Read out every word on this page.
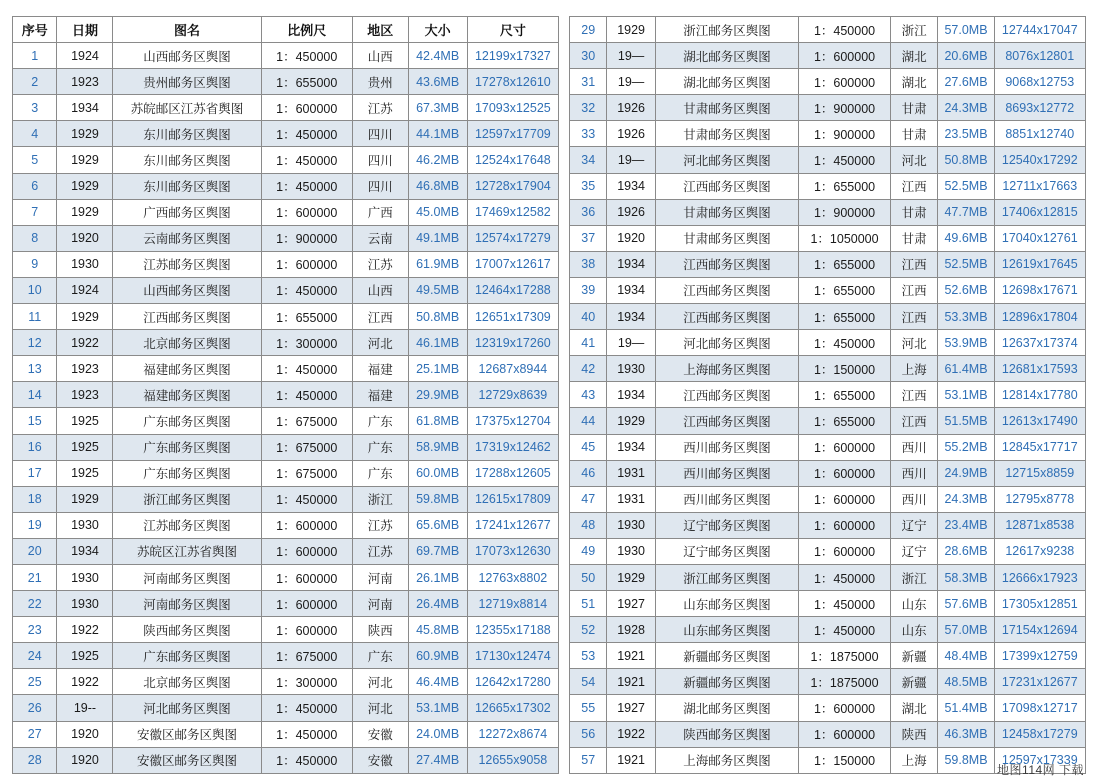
序号	日期	图名	比例尺	地区	大小	尺寸
1	1924	山西邮务区舆图	1：450000	山西	42.4MB	12199x17327
2	1923	贵州邮务区舆图	1：655000	贵州	43.6MB	17278x12610
3	1934	苏皖邮区江苏省舆图	1：600000	江苏	67.3MB	17093x12525
4	1929	东川邮务区舆图	1：450000	四川	44.1MB	12597x17709
5	1929	东川邮务区舆图	1：450000	四川	46.2MB	12524x17648
6	1929	东川邮务区舆图	1：450000	四川	46.8MB	12728x17904
7	1929	广西邮务区舆图	1：600000	广西	45.0MB	17469x12582
8	1920	云南邮务区舆图	1：900000	云南	49.1MB	12574x17279
9	1930	江苏邮务区舆图	1：600000	江苏	61.9MB	17007x12617
10	1924	山西邮务区舆图	1：450000	山西	49.5MB	12464x17288
11	1929	江西邮务区舆图	1：655000	江西	50.8MB	12651x17309
12	1922	北京邮务区舆图	1：300000	河北	46.1MB	12319x17260
13	1923	福建邮务区舆图	1：450000	福建	25.1MB	12687x8944
14	1923	福建邮务区舆图	1：450000	福建	29.9MB	12729x8639
15	1925	广东邮务区舆图	1：675000	广东	61.8MB	17375x12704
16	1925	广东邮务区舆图	1：675000	广东	58.9MB	17319x12462
17	1925	广东邮务区舆图	1：675000	广东	60.0MB	17288x12605
18	1929	浙江邮务区舆图	1：450000	浙江	59.8MB	12615x17809
19	1930	江苏邮务区舆图	1：600000	江苏	65.6MB	17241x12677
20	1934	苏皖区江苏省舆图	1：600000	江苏	69.7MB	17073x12630
21	1930	河南邮务区舆图	1：600000	河南	26.1MB	12763x8802
22	1930	河南邮务区舆图	1：600000	河南	26.4MB	12719x8814
23	1922	陕西邮务区舆图	1：600000	陕西	45.8MB	12355x17188
24	1925	广东邮务区舆图	1：675000	广东	60.9MB	17130x12474
25	1922	北京邮务区舆图	1：300000	河北	46.4MB	12642x17280
26	19--	河北邮务区舆图	1：450000	河北	53.1MB	12665x17302
27	1920	安徽区邮务区舆图	1：450000	安徽	24.0MB	12272x8674
28	1920	安徽区邮务区舆图	1：450000	安徽	27.4MB	12655x9058
29	1929	浙江邮务区舆图	1：450000	浙江	57.0MB	12744x17047
30	19—	湖北邮务区舆图	1：600000	湖北	20.6MB	8076x12801
31	19—	湖北邮务区舆图	1：600000	湖北	27.6MB	9068x12753
32	1926	甘肃邮务区舆图	1：900000	甘肃	24.3MB	8693x12772
33	1926	甘肃邮务区舆图	1：900000	甘肃	23.5MB	8851x12740
34	19—	河北邮务区舆图	1：450000	河北	50.8MB	12540x17292
35	1934	江西邮务区舆图	1：655000	江西	52.5MB	12711x17663
36	1926	甘肃邮务区舆图	1：900000	甘肃	47.7MB	17406x12815
37	1920	甘肃邮务区舆图	1：1050000	甘肃	49.6MB	17040x12761
38	1934	江西邮务区舆图	1：655000	江西	52.5MB	12619x17645
39	1934	江西邮务区舆图	1：655000	江西	52.6MB	12698x17671
40	1934	江西邮务区舆图	1：655000	江西	53.3MB	12896x17804
41	19—	河北邮务区舆图	1：450000	河北	53.9MB	12637x17374
42	1930	上海邮务区舆图	1：150000	上海	61.4MB	12681x17593
43	1934	江西邮务区舆图	1：655000	江西	53.1MB	12814x17780
44	1929	江西邮务区舆图	1：655000	江西	51.5MB	12613x17490
45	1934	西川邮务区舆图	1：600000	西川	55.2MB	12845x17717
46	1931	西川邮务区舆图	1：600000	西川	24.9MB	12715x8859
47	1931	西川邮务区舆图	1：600000	西川	24.3MB	12795x8778
48	1930	辽宁邮务区舆图	1：600000	辽宁	23.4MB	12871x8538
49	1930	辽宁邮务区舆图	1：600000	辽宁	28.6MB	12617x9238
50	1929	浙江邮务区舆图	1：450000	浙江	58.3MB	12666x17923
51	1927	山东邮务区舆图	1：450000	山东	57.6MB	17305x12851
52	1928	山东邮务区舆图	1：450000	山东	57.0MB	17154x12694
53	1921	新疆邮务区舆图	1：1875000	新疆	48.4MB	17399x12759
54	1921	新疆邮务区舆图	1：1875000	新疆	48.5MB	17231x12677
55	1927	湖北邮务区舆图	1：600000	湖北	51.4MB	17098x12717
56	1922	陕西邮务区舆图	1：600000	陕西	46.3MB	12458x17279
57	1921	上海邮务区舆图	1：150000	上海	59.8MB	12597x17339
地图114网 下载
